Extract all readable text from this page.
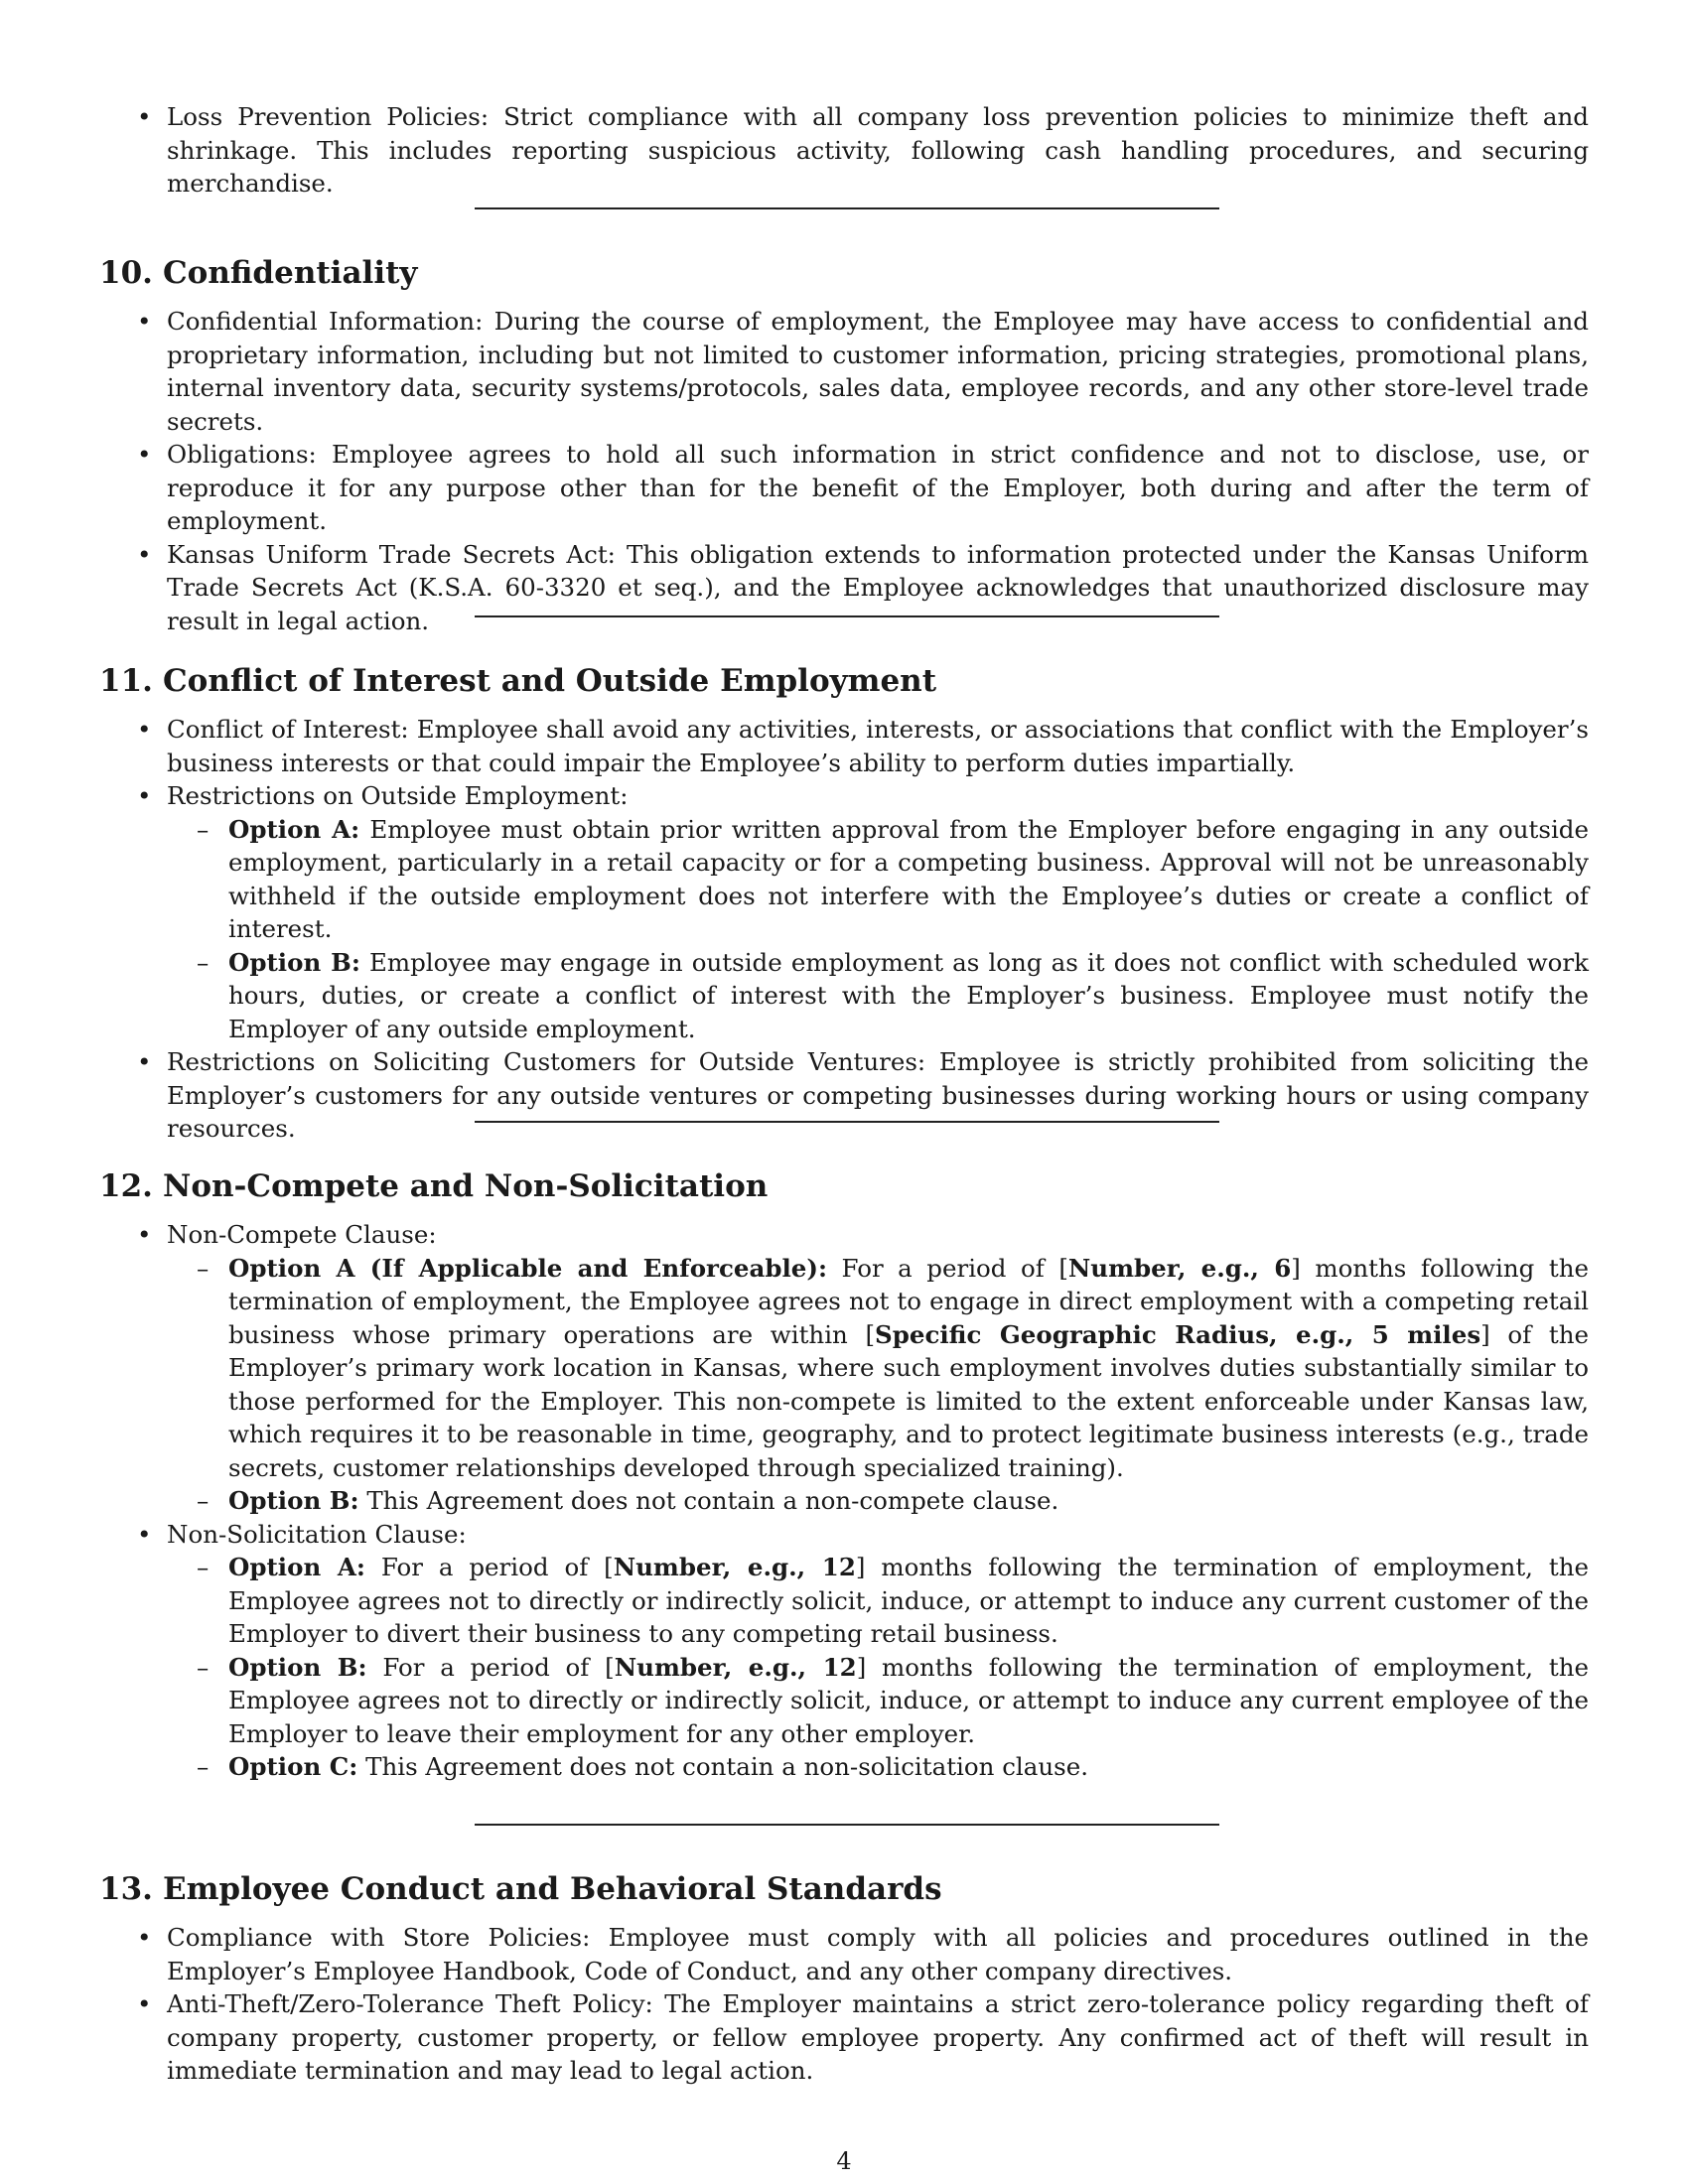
• Loss Prevention Policies: Strict compliance with all company loss prevention policies to minimize theft and shrinkage. This includes reporting suspicious activity, following cash handling procedures, and securing merchandise.
10. Confidentiality
• Confidential Information: During the course of employment, the Employee may have access to confidential and proprietary information, including but not limited to customer information, pricing strategies, promotional plans, internal inventory data, security systems/protocols, sales data, employee records, and any other store-level trade secrets.
• Obligations: Employee agrees to hold all such information in strict confidence and not to disclose, use, or reproduce it for any purpose other than for the benefit of the Employer, both during and after the term of employment.
• Kansas Uniform Trade Secrets Act: This obligation extends to information protected under the Kansas Uniform Trade Secrets Act (K.S.A. 60-3320 et seq.), and the Employee acknowledges that unauthorized disclosure may result in legal action.
11. Conflict of Interest and Outside Employment
• Conflict of Interest: Employee shall avoid any activities, interests, or associations that conflict with the Employer’s business interests or that could impair the Employee’s ability to perform duties impartially.
• Restrictions on Outside Employment:
– Option A: Employee must obtain prior written approval from the Employer before engaging in any outside employment, particularly in a retail capacity or for a competing business. Approval will not be unreasonably withheld if the outside employment does not interfere with the Employee’s duties or create a conflict of interest.
– Option B: Employee may engage in outside employment as long as it does not conflict with scheduled work hours, duties, or create a conflict of interest with the Employer’s business. Employee must notify the Employer of any outside employment.
• Restrictions on Soliciting Customers for Outside Ventures: Employee is strictly prohibited from soliciting the Employer’s customers for any outside ventures or competing businesses during working hours or using company resources.
12. Non-Compete and Non-Solicitation
• Non-Compete Clause:
– Option A (If Applicable and Enforceable): For a period of [Number, e.g., 6] months following the termination of employment, the Employee agrees not to engage in direct employment with a competing retail business whose primary operations are within [Specific Geographic Radius, e.g., 5 miles] of the Employer’s primary work location in Kansas, where such employment involves duties substantially similar to those performed for the Employer. This non-compete is limited to the extent enforceable under Kansas law, which requires it to be reasonable in time, geography, and to protect legitimate business interests (e.g., trade secrets, customer relationships developed through specialized training).
– Option B: This Agreement does not contain a non-compete clause.
• Non-Solicitation Clause:
– Option A: For a period of [Number, e.g., 12] months following the termination of employment, the Employee agrees not to directly or indirectly solicit, induce, or attempt to induce any current customer of the Employer to divert their business to any competing retail business.
– Option B: For a period of [Number, e.g., 12] months following the termination of employment, the Employee agrees not to directly or indirectly solicit, induce, or attempt to induce any current employee of the Employer to leave their employment for any other employer.
– Option C: This Agreement does not contain a non-solicitation clause.
13. Employee Conduct and Behavioral Standards
• Compliance with Store Policies: Employee must comply with all policies and procedures outlined in the Employer’s Employee Handbook, Code of Conduct, and any other company directives.
• Anti-Theft/Zero-Tolerance Theft Policy: The Employer maintains a strict zero-tolerance policy regarding theft of company property, customer property, or fellow employee property. Any confirmed act of theft will result in immediate termination and may lead to legal action.
4
